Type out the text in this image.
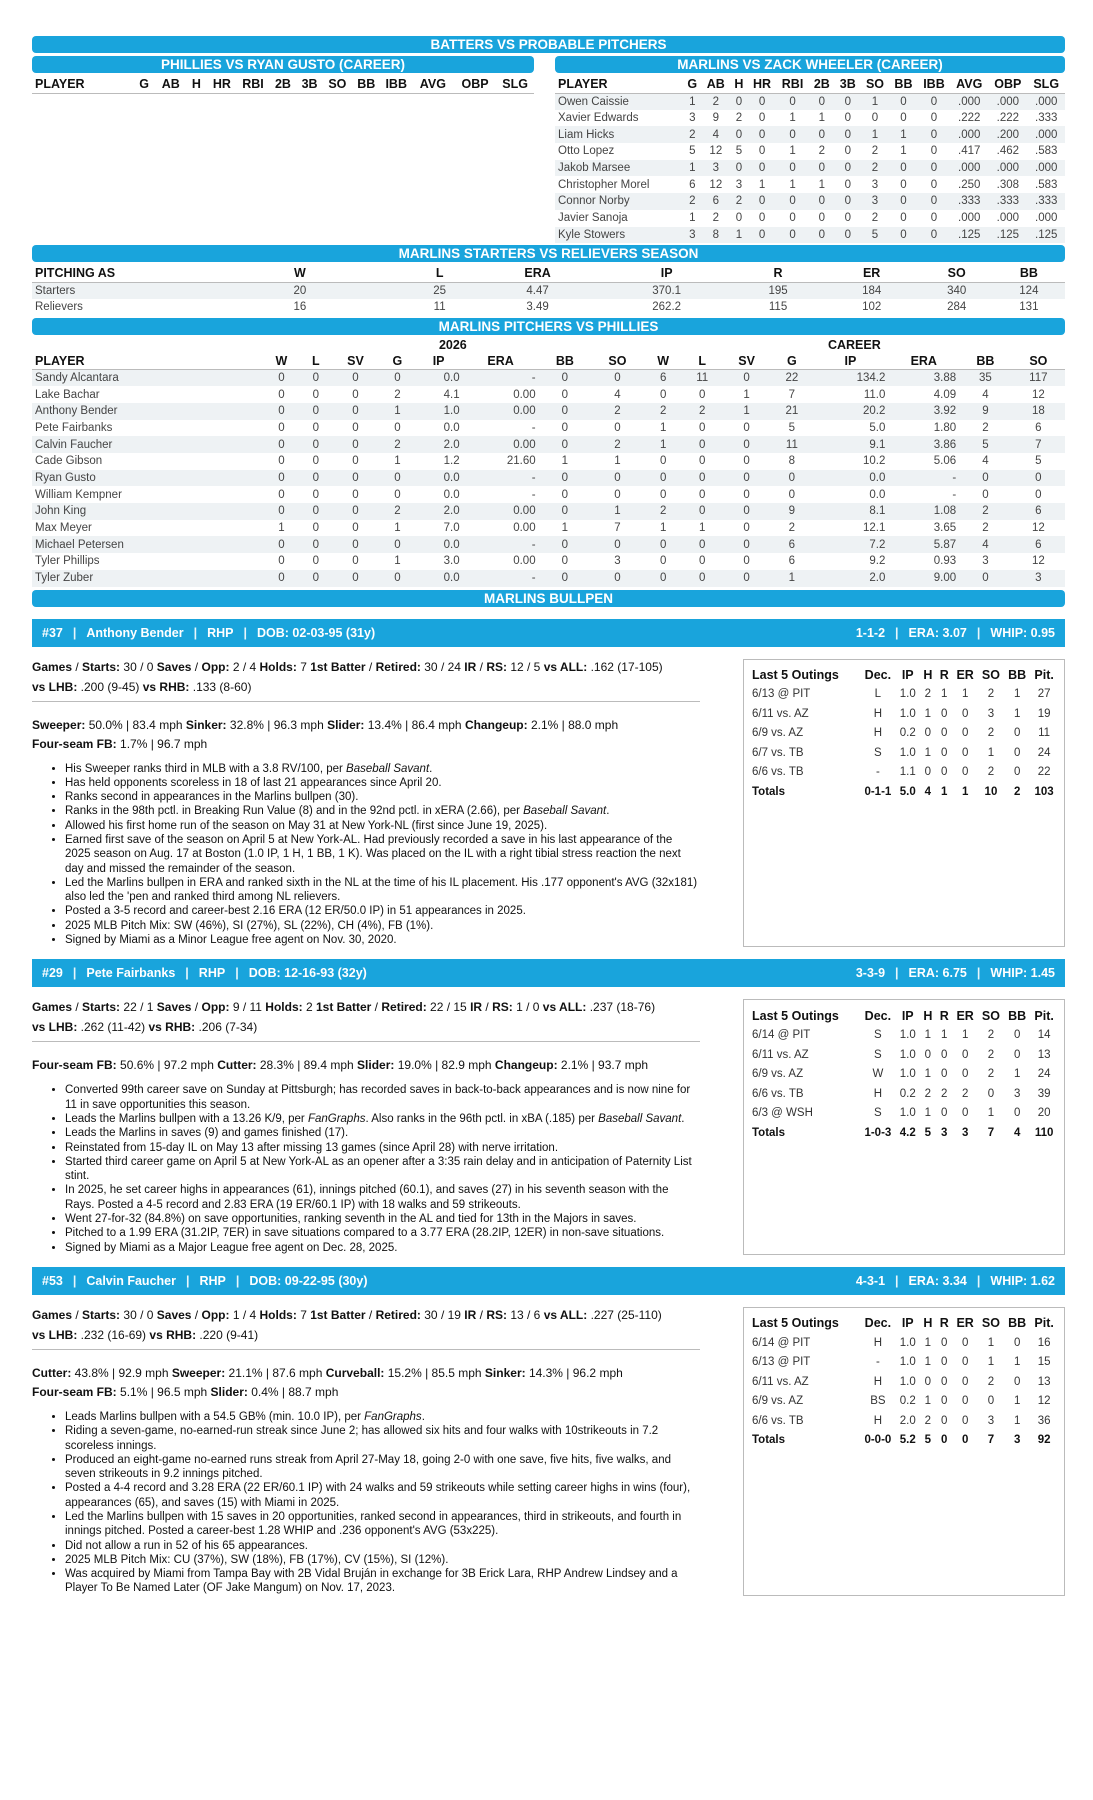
BATTERS VS PROBABLE PITCHERS
PHILLIES VS RYAN GUSTO (CAREER)
PLAYER	G	AB	H	HR	RBI	2B	3B	SO	BB	IBB	AVG	OBP	SLG
MARLINS VS ZACK WHEELER (CAREER)
PLAYER	G	AB	H	HR	RBI	2B	3B	SO	BB	IBB	AVG	OBP	SLG
Owen Caissie	1	2	0	0	0	0	0	1	0	0	.000	.000	.000
Xavier Edwards	3	9	2	0	1	1	0	0	0	0	.222	.222	.333
Liam Hicks	2	4	0	0	0	0	0	1	1	0	.000	.200	.000
Otto Lopez	5	12	5	0	1	2	0	2	1	0	.417	.462	.583
Jakob Marsee	1	3	0	0	0	0	0	2	0	0	.000	.000	.000
Christopher Morel	6	12	3	1	1	1	0	3	0	0	.250	.308	.583
Connor Norby	2	6	2	0	0	0	0	3	0	0	.333	.333	.333
Javier Sanoja	1	2	0	0	0	0	0	2	0	0	.000	.000	.000
Kyle Stowers	3	8	1	0	0	0	0	5	0	0	.125	.125	.125
MARLINS STARTERS VS RELIEVERS SEASON
PITCHING AS	W	L	ERA	IP	R	ER	SO	BB
Starters	20	25	4.47	370.1	195	184	340	124
Relievers	16	11	3.49	262.2	115	102	284	131
MARLINS PITCHERS VS PHILLIES
	2026								CAREER							
PLAYER	W	L	SV	G	IP	ERA	BB	SO	W	L	SV	G	IP	ERA	BB	SO
Sandy Alcantara	0	0	0	0	0.0	-	0	0	6	11	0	22	134.2	3.88	35	117
Lake Bachar	0	0	0	2	4.1	0.00	0	4	0	0	1	7	11.0	4.09	4	12
Anthony Bender	0	0	0	1	1.0	0.00	0	2	2	2	1	21	20.2	3.92	9	18
Pete Fairbanks	0	0	0	0	0.0	-	0	0	1	0	0	5	5.0	1.80	2	6
Calvin Faucher	0	0	0	2	2.0	0.00	0	2	1	0	0	11	9.1	3.86	5	7
Cade Gibson	0	0	0	1	1.2	21.60	1	1	0	0	0	8	10.2	5.06	4	5
Ryan Gusto	0	0	0	0	0.0	-	0	0	0	0	0	0	0.0	-	0	0
William Kempner	0	0	0	0	0.0	-	0	0	0	0	0	0	0.0	-	0	0
John King	0	0	0	2	2.0	0.00	0	1	2	0	0	9	8.1	1.08	2	6
Max Meyer	1	0	0	1	7.0	0.00	1	7	1	1	0	2	12.1	3.65	2	12
Michael Petersen	0	0	0	0	0.0	-	0	0	0	0	0	6	7.2	5.87	4	6
Tyler Phillips	0	0	0	1	3.0	0.00	0	3	0	0	0	6	9.2	0.93	3	12
Tyler Zuber	0	0	0	0	0.0	-	0	0	0	0	0	1	2.0	9.00	0	3
MARLINS BULLPEN
#37 | Anthony Bender | RHP | DOB: 02-03-95 (31y)	1-1-2 | ERA: 3.07 | WHIP: 0.95
Games / Starts: 30 / 0 Saves / Opp: 2 / 4 Holds: 7 1st Batter / Retired: 30 / 24 IR / RS: 12 / 5 vs ALL: .162 (17-105)
vs LHB: .200 (9-45) vs RHB: .133 (8-60)
Sweeper: 50.0% | 83.4 mph Sinker: 32.8% | 96.3 mph Slider: 13.4% | 86.4 mph Changeup: 2.1% | 88.0 mph
Four-seam FB: 1.7% | 96.7 mph
• His Sweeper ranks third in MLB with a 3.8 RV/100, per Baseball Savant.
• Has held opponents scoreless in 18 of last 21 appearances since April 20.
• Ranks second in appearances in the Marlins bullpen (30).
• Ranks in the 98th pctl. in Breaking Run Value (8) and in the 92nd pctl. in xERA (2.66), per Baseball Savant.
• Allowed his first home run of the season on May 31 at New York-NL (first since June 19, 2025).
• Earned first save of the season on April 5 at New York-AL. Had previously recorded a save in his last appearance of the 2025 season on Aug. 17 at Boston (1.0 IP, 1 H, 1 BB, 1 K). Was placed on the IL with a right tibial stress reaction the next day and missed the remainder of the season.
• Led the Marlins bullpen in ERA and ranked sixth in the NL at the time of his IL placement. His .177 opponent's AVG (32x181) also led the 'pen and ranked third among NL relievers.
• Posted a 3-5 record and career-best 2.16 ERA (12 ER/50.0 IP) in 51 appearances in 2025.
• 2025 MLB Pitch Mix: SW (46%), SI (27%), SL (22%), CH (4%), FB (1%).
• Signed by Miami as a Minor League free agent on Nov. 30, 2020.
Last 5 Outings	Dec.	IP	H	R	ER	SO	BB	Pit.
6/13 @ PIT	L	1.0	2	1	1	2	1	27
6/11 vs. AZ	H	1.0	1	0	0	3	1	19
6/9 vs. AZ	H	0.2	0	0	0	2	0	11
6/7 vs. TB	S	1.0	1	0	0	1	0	24
6/6 vs. TB	-	1.1	0	0	0	2	0	22
Totals	0-1-1	5.0	4	1	1	10	2	103
#29 | Pete Fairbanks | RHP | DOB: 12-16-93 (32y)	3-3-9 | ERA: 6.75 | WHIP: 1.45
Games / Starts: 22 / 1 Saves / Opp: 9 / 11 Holds: 2 1st Batter / Retired: 22 / 15 IR / RS: 1 / 0 vs ALL: .237 (18-76)
vs LHB: .262 (11-42) vs RHB: .206 (7-34)
Four-seam FB: 50.6% | 97.2 mph Cutter: 28.3% | 89.4 mph Slider: 19.0% | 82.9 mph Changeup: 2.1% | 93.7 mph
• Converted 99th career save on Sunday at Pittsburgh; has recorded saves in back-to-back appearances and is now nine for 11 in save opportunities this season.
• Leads the Marlins bullpen with a 13.26 K/9, per FanGraphs. Also ranks in the 96th pctl. in xBA (.185) per Baseball Savant.
• Leads the Marlins in saves (9) and games finished (17).
• Reinstated from 15-day IL on May 13 after missing 13 games (since April 28) with nerve irritation.
• Started third career game on April 5 at New York-AL as an opener after a 3:35 rain delay and in anticipation of Paternity List stint.
• In 2025, he set career highs in appearances (61), innings pitched (60.1), and saves (27) in his seventh season with the Rays. Posted a 4-5 record and 2.83 ERA (19 ER/60.1 IP) with 18 walks and 59 strikeouts.
• Went 27-for-32 (84.8%) on save opportunities, ranking seventh in the AL and tied for 13th in the Majors in saves.
• Pitched to a 1.99 ERA (31.2IP, 7ER) in save situations compared to a 3.77 ERA (28.2IP, 12ER) in non-save situations.
• Signed by Miami as a Major League free agent on Dec. 28, 2025.
Last 5 Outings	Dec.	IP	H	R	ER	SO	BB	Pit.
6/14 @ PIT	S	1.0	1	1	1	2	0	14
6/11 vs. AZ	S	1.0	0	0	0	2	0	13
6/9 vs. AZ	W	1.0	1	0	0	2	1	24
6/6 vs. TB	H	0.2	2	2	2	0	3	39
6/3 @ WSH	S	1.0	1	0	0	1	0	20
Totals	1-0-3	4.2	5	3	3	7	4	110
#53 | Calvin Faucher | RHP | DOB: 09-22-95 (30y)	4-3-1 | ERA: 3.34 | WHIP: 1.62
Games / Starts: 30 / 0 Saves / Opp: 1 / 4 Holds: 7 1st Batter / Retired: 30 / 19 IR / RS: 13 / 6 vs ALL: .227 (25-110)
vs LHB: .232 (16-69) vs RHB: .220 (9-41)
Cutter: 43.8% | 92.9 mph Sweeper: 21.1% | 87.6 mph Curveball: 15.2% | 85.5 mph Sinker: 14.3% | 96.2 mph
Four-seam FB: 5.1% | 96.5 mph Slider: 0.4% | 88.7 mph
• Leads Marlins bullpen with a 54.5 GB% (min. 10.0 IP), per FanGraphs.
• Riding a seven-game, no-earned-run streak since June 2; has allowed six hits and four walks with 10strikeouts in 7.2 scoreless innings.
• Produced an eight-game no-earned runs streak from April 27-May 18, going 2-0 with one save, five hits, five walks, and seven strikeouts in 9.2 innings pitched.
• Posted a 4-4 record and 3.28 ERA (22 ER/60.1 IP) with 24 walks and 59 strikeouts while setting career highs in wins (four), appearances (65), and saves (15) with Miami in 2025.
• Led the Marlins bullpen with 15 saves in 20 opportunities, ranked second in appearances, third in strikeouts, and fourth in innings pitched. Posted a career-best 1.28 WHIP and .236 opponent's AVG (53x225).
• Did not allow a run in 52 of his 65 appearances.
• 2025 MLB Pitch Mix: CU (37%), SW (18%), FB (17%), CV (15%), SI (12%).
• Was acquired by Miami from Tampa Bay with 2B Vidal Bruján in exchange for 3B Erick Lara, RHP Andrew Lindsey and a Player To Be Named Later (OF Jake Mangum) on Nov. 17, 2023.
Last 5 Outings	Dec.	IP	H	R	ER	SO	BB	Pit.
6/14 @ PIT	H	1.0	1	0	0	1	0	16
6/13 @ PIT	-	1.0	1	0	0	1	1	15
6/11 vs. AZ	H	1.0	0	0	0	2	0	13
6/9 vs. AZ	BS	0.2	1	0	0	0	1	12
6/6 vs. TB	H	2.0	2	0	0	3	1	36
Totals	0-0-0	5.2	5	0	0	7	3	92
